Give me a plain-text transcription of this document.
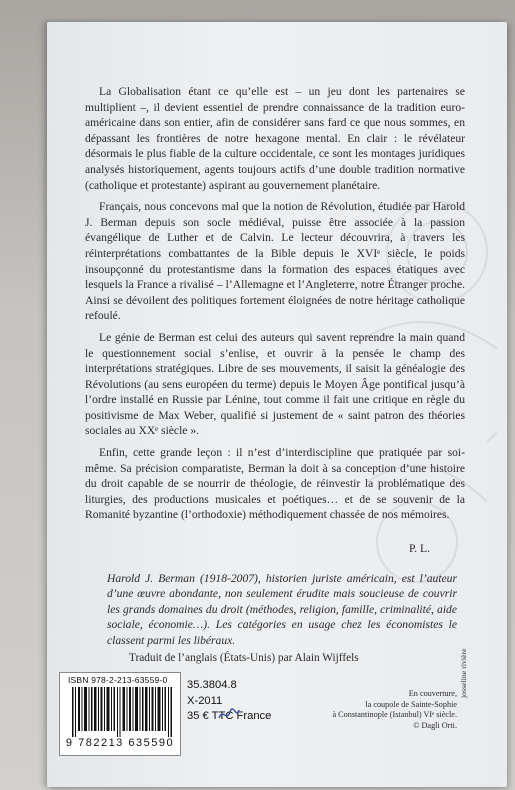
La Globalisation étant ce qu’elle est – un jeu dont les partenaires se multiplient –, il devient essentiel de prendre connaissance de la tradition euro-américaine dans son entier, afin de considérer sans fard ce que nous sommes, en dépassant les frontières de notre hexagone mental. En clair : le révélateur désormais le plus fiable de la culture occidentale, ce sont les montages juridiques analysés historiquement, agents toujours actifs d’une double tradition normative (catholique et protestante) aspirant au gouvernement planétaire.

Français, nous concevons mal que la notion de Révolution, étudiée par Harold J. Berman depuis son socle médiéval, puisse être associée à la passion évangélique de Luther et de Calvin. Le lecteur découvrira, à travers les réinterprétations combattantes de la Bible depuis le XVIᵉ siècle, le poids insoupçonné du protestantisme dans la formation des espaces étatiques avec lesquels la France a rivalisé – l’Allemagne et l’Angleterre, notre Étranger proche. Ainsi se dévoilent des politiques fortement éloignées de notre héritage catholique refoulé.

Le génie de Berman est celui des auteurs qui savent reprendre la main quand le questionnement social s’enlise, et ouvrir à la pensée le champ des interprétations stratégiques. Libre de ses mouvements, il saisit la généalogie des Révolutions (au sens européen du terme) depuis le Moyen Âge pontifical jusqu’à l’ordre installé en Russie par Lénine, tout comme il fait une critique en règle du positivisme de Max Weber, qualifié si justement de « saint patron des théories sociales au XXᵉ siècle ».

Enfin, cette grande leçon : il n’est d’interdiscipline que pratiquée par soi-même. Sa précision comparatiste, Berman la doit à sa conception d’une histoire du droit capable de se nourrir de théologie, de réinvestir la problématique des liturgies, des productions musicales et poétiques… et de se souvenir de la Romanité byzantine (l’orthodoxie) méthodiquement chassée de nos mémoires.

P. L.
Harold J. Berman (1918-2007), historien juriste américain, est l’auteur d’une œuvre abondante, non seulement érudite mais soucieuse de couvrir les grands domaines du droit (méthodes, religion, famille, criminalité, aide sociale, économie…). Les catégories en usage chez les économistes le classent parmi les libéraux.
Traduit de l’anglais (États-Unis) par Alain Wijffels
ISBN 978-2-213-63559-0
9 782213 635590
35.3804.8
X-2011
35 € TTC France
En couverture,
la coupole de Sainte-Sophie
à Constantinople (Istanbul) VIᵉ siècle.
© Dagli Orti.
josseline rivière
